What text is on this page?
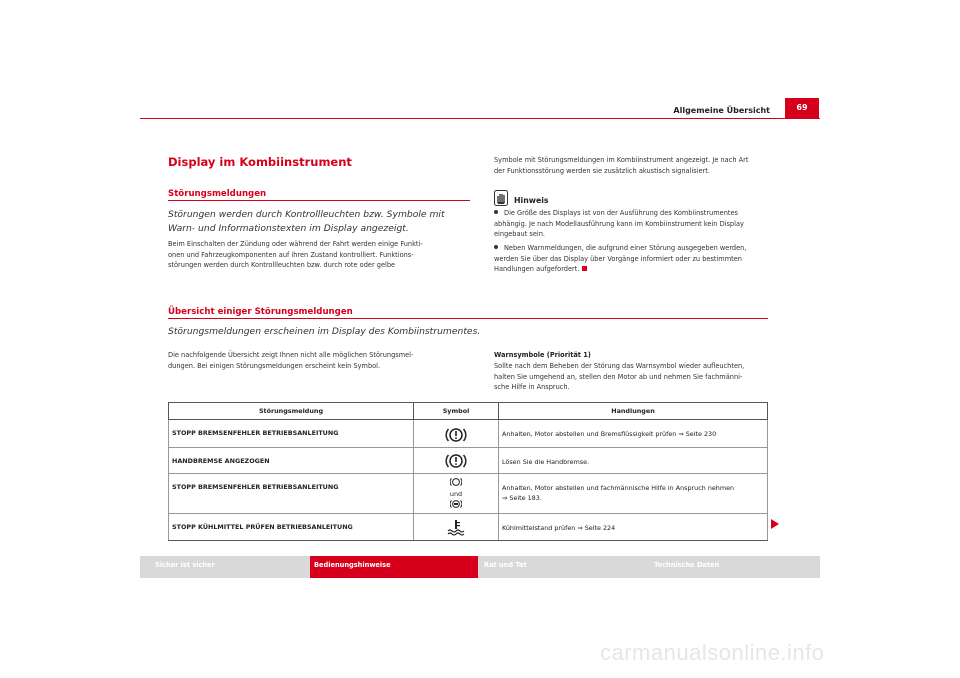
Allgemeine Übersicht	69
Display im Kombiinstrument
Störungsmeldungen
Störungen werden durch Kontrollleuchten bzw. Symbole mit Warn- und Informationstexten im Display angezeigt.
Beim Einschalten der Zündung oder während der Fahrt werden einige Funkti-
onen und Fahrzeugkomponenten auf ihren Zustand kontrolliert. Funktions-
störungen werden durch Kontrollleuchten bzw. durch rote oder gelbe
Symbole mit Störungsmeldungen im Kombiinstrument angezeigt. Je nach Art
der Funktionsstörung werden sie zusätzlich akustisch signalisiert.
Hinweis
Die Größe des Displays ist von der Ausführung des Kombiinstrumentes
abhängig. Je nach Modellausführung kann im Kombiinstrument kein Display
eingebaut sein.
Neben Warnmeldungen, die aufgrund einer Störung ausgegeben werden,
werden Sie über das Display über Vorgänge informiert oder zu bestimmten
Handlungen aufgefordert.
Übersicht einiger Störungsmeldungen
Störungsmeldungen erscheinen im Display des Kombiinstrumentes.
Die nachfolgende Übersicht zeigt Ihnen nicht alle möglichen Störungsmel-
dungen. Bei einigen Störungsmeldungen erscheint kein Symbol.
Warnsymbole (Priorität 1)
Sollte nach dem Beheben der Störung das Warnsymbol wieder aufleuchten,
halten Sie umgehend an, stellen den Motor ab und nehmen Sie fachmänni-
sche Hilfe in Anspruch.
Störungsmeldung	Symbol	Handlungen
STOPP BREMSENFEHLER BETRIEBSANLEITUNG		Anhalten, Motor abstellen und Bremsflüssigkeit prüfen ⇒ Seite 230
HANDBREMSE ANGEZOGEN		Lösen Sie die Handbremse.
STOPP BREMSENFEHLER BETRIEBSANLEITUNG	und	Anhalten, Motor abstellen und fachmännische Hilfe in Anspruch nehmen
⇒ Seite 183.

STOPP KÜHLMITTEL PRÜFEN BETRIEBSANLEITUNG		Kühlmittelstand prüfen ⇒ Seite 224
Sicher ist sicher	Bedienungshinweise	Rat und Tat	Technische Daten
carmanualsonline.info
